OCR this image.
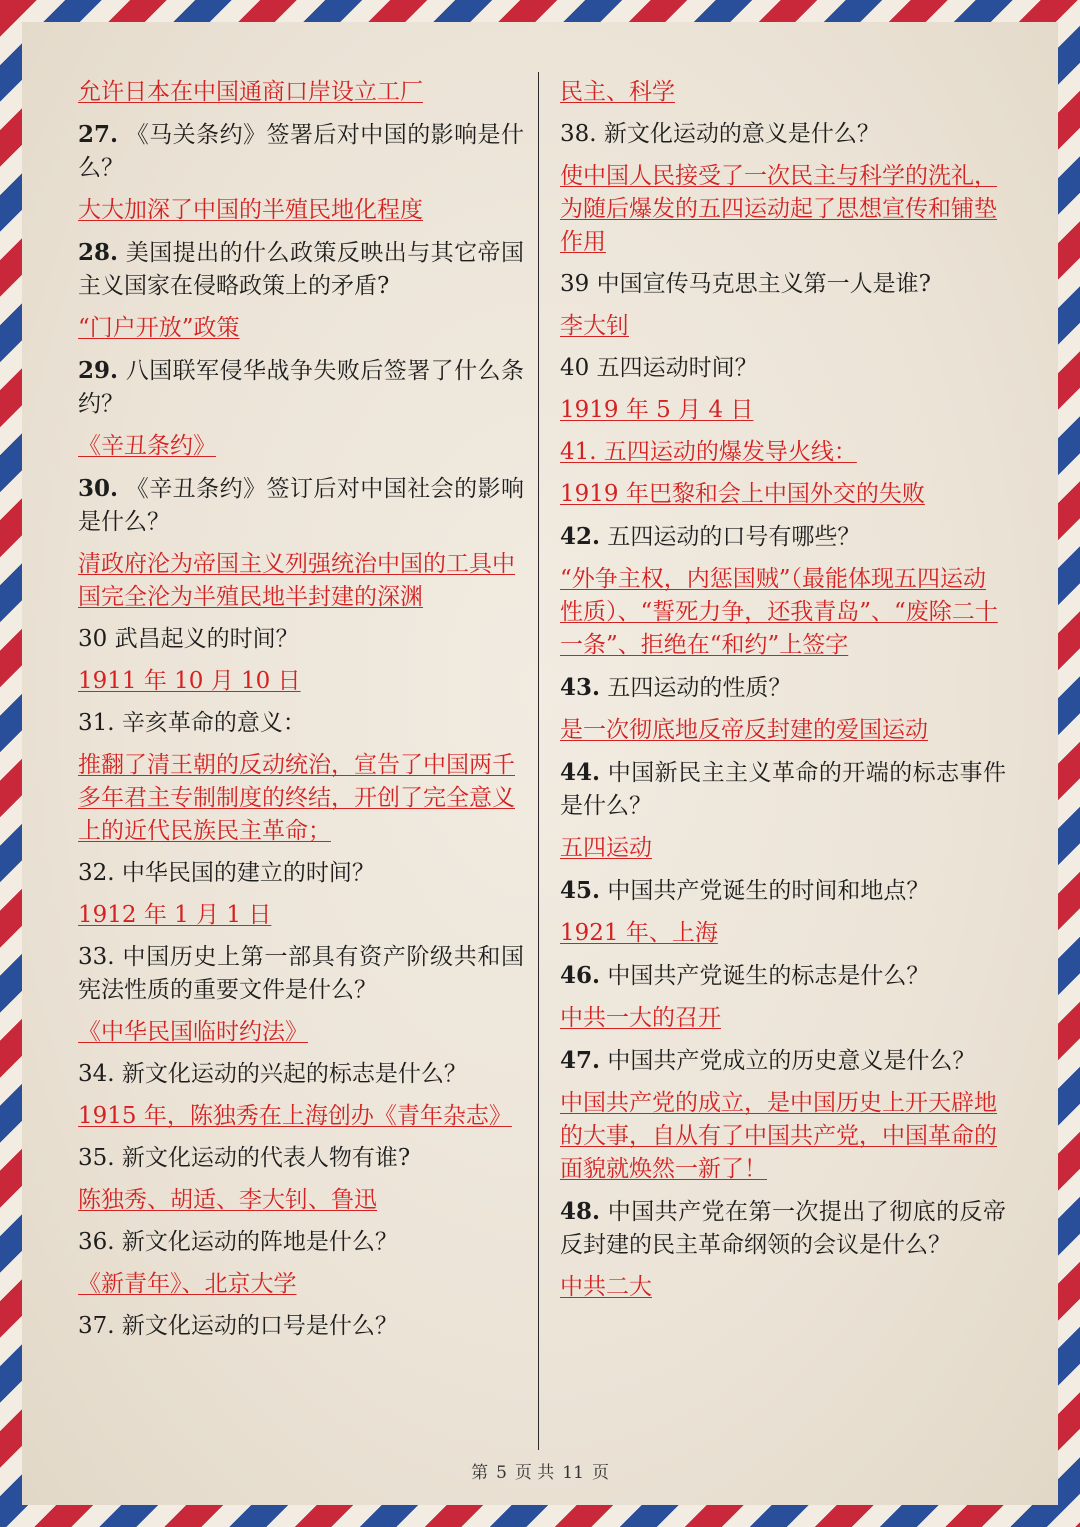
允许日本在中国通商口岸设立工厂

27. 《马关条约》签署后对中国的影响是什么？

大大加深了中国的半殖民地化程度

28. 美国提出的什么政策反映出与其它帝国主义国家在侵略政策上的矛盾?

“门户开放”政策

29. 八国联军侵华战争失败后签署了什么条约？

《辛丑条约》

30. 《辛丑条约》签订后对中国社会的影响是什么？

清政府沦为帝国主义列强统治中国的工具中国完全沦为半殖民地半封建的深渊

30 武昌起义的时间？

1911 年 10 月 10 日

31. 辛亥革命的意义：

推翻了清王朝的反动统治，宣告了中国两千多年君主专制制度的终结，开创了完全意义上的近代民族民主革命；

32. 中华民国的建立的时间？

1912 年 1 月 1 日

33. 中国历史上第一部具有资产阶级共和国宪法性质的重要文件是什么？

《中华民国临时约法》

34. 新文化运动的兴起的标志是什么？

1915 年，陈独秀在上海创办《青年杂志》

35. 新文化运动的代表人物有谁?

陈独秀、胡适、李大钊、鲁迅

36. 新文化运动的阵地是什么？

《新青年》、北京大学

37. 新文化运动的口号是什么？

民主、科学

38. 新文化运动的意义是什么？

使中国人民接受了一次民主与科学的洗礼，为随后爆发的五四运动起了思想宣传和铺垫作用

39 中国宣传马克思主义第一人是谁?

李大钊

40 五四运动时间？

1919 年 5 月 4 日

41. 五四运动的爆发导火线：

1919 年巴黎和会上中国外交的失败

42. 五四运动的口号有哪些？

“外争主权，内惩国贼”（最能体现五四运动性质）、“誓死力争，还我青岛”、“废除二十一条”、拒绝在“和约”上签字

43. 五四运动的性质？

是一次彻底地反帝反封建的爱国运动

44. 中国新民主主义革命的开端的标志事件是什么？

五四运动

45. 中国共产党诞生的时间和地点？

1921 年、上海

46. 中国共产党诞生的标志是什么？

中共一大的召开

47. 中国共产党成立的历史意义是什么？

中国共产党的成立，是中国历史上开天辟地的大事，自从有了中国共产党，中国革命的面貌就焕然一新了！

48. 中国共产党在第一次提出了彻底的反帝反封建的民主革命纲领的会议是什么？

中共二大

第 5 页 共 11 页
